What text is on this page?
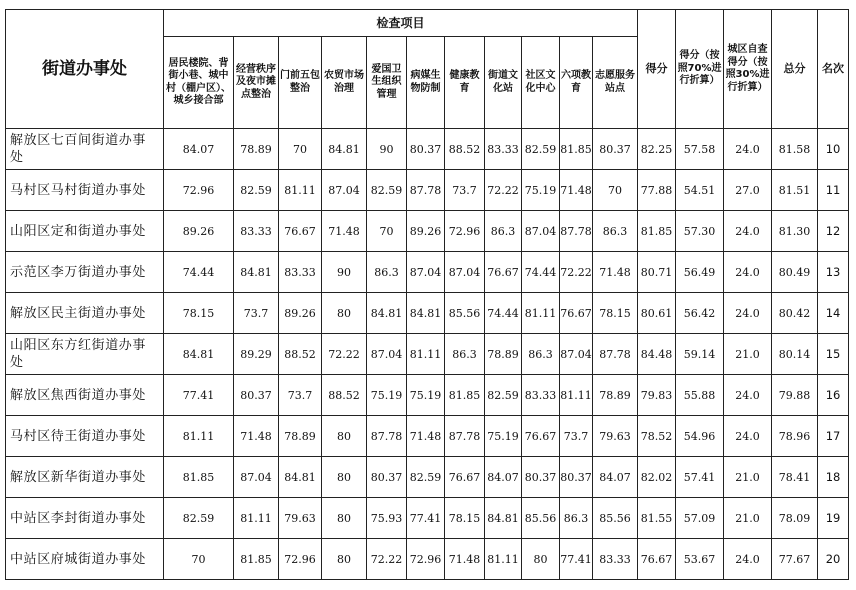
街道办事处	检查项目											得分	得分（按照70%进行折算）	城区自查得分（按照30%进行折算）	总分	名次
	居民楼院、背街小巷、城中村（棚户区）、城乡接合部	经营秩序及夜市摊点整治	门前五包整治	农贸市场治理	爱国卫生组织管理	病媒生物防制	健康教育	街道文化站	社区文化中心	六项教育	志愿服务站点					
解放区七百间街道办事处	84.07	78.89	70	84.81	90	80.37	88.52	83.33	82.59	81.85	80.37	82.25	57.58	24.0	81.58	10
马村区马村街道办事处	72.96	82.59	81.11	87.04	82.59	87.78	73.7	72.22	75.19	71.48	70	77.88	54.51	27.0	81.51	11
山阳区定和街道办事处	89.26	83.33	76.67	71.48	70	89.26	72.96	86.3	87.04	87.78	86.3	81.85	57.30	24.0	81.30	12
示范区李万街道办事处	74.44	84.81	83.33	90	86.3	87.04	87.04	76.67	74.44	72.22	71.48	80.71	56.49	24.0	80.49	13
解放区民主街道办事处	78.15	73.7	89.26	80	84.81	84.81	85.56	74.44	81.11	76.67	78.15	80.61	56.42	24.0	80.42	14
山阳区东方红街道办事处	84.81	89.29	88.52	72.22	87.04	81.11	86.3	78.89	86.3	87.04	87.78	84.48	59.14	21.0	80.14	15
解放区焦西街道办事处	77.41	80.37	73.7	88.52	75.19	75.19	81.85	82.59	83.33	81.11	78.89	79.83	55.88	24.0	79.88	16
马村区待王街道办事处	81.11	71.48	78.89	80	87.78	71.48	87.78	75.19	76.67	73.7	79.63	78.52	54.96	24.0	78.96	17
解放区新华街道办事处	81.85	87.04	84.81	80	80.37	82.59	76.67	84.07	80.37	80.37	84.07	82.02	57.41	21.0	78.41	18
中站区李封街道办事处	82.59	81.11	79.63	80	75.93	77.41	78.15	84.81	85.56	86.3	85.56	81.55	57.09	21.0	78.09	19
中站区府城街道办事处	70	81.85	72.96	80	72.22	72.96	71.48	81.11	80	77.41	83.33	76.67	53.67	24.0	77.67	20
